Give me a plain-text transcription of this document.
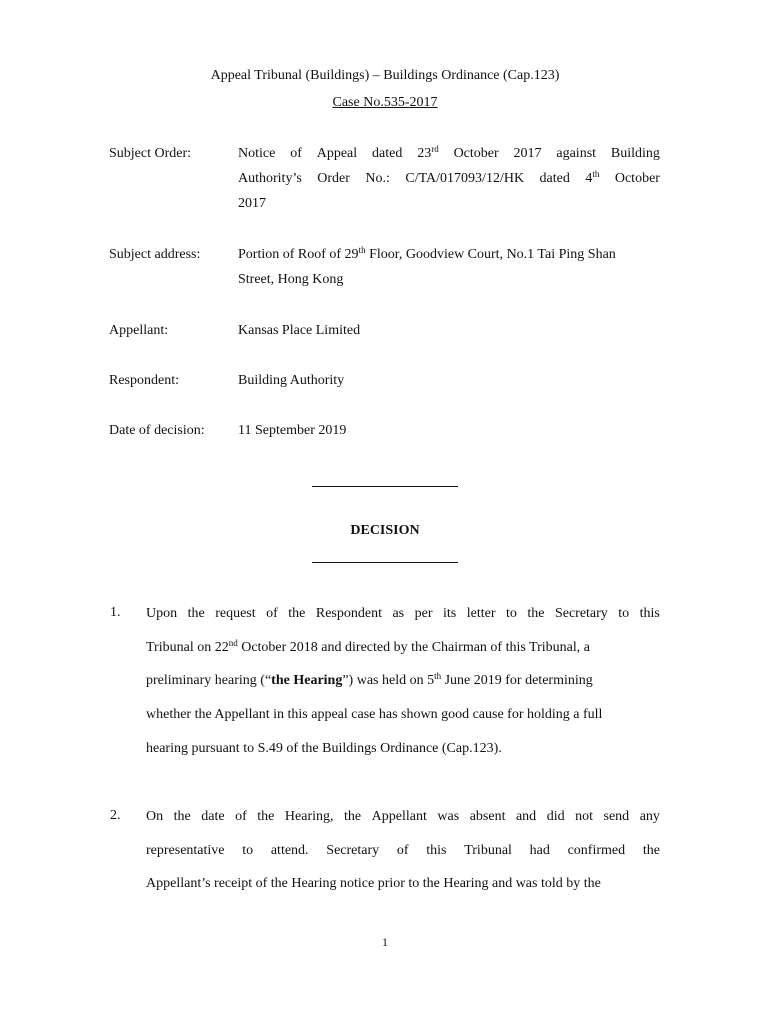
Appeal Tribunal (Buildings) – Buildings Ordinance (Cap.123)
Case No.535-2017
Subject Order:	Notice of Appeal dated 23rd October 2017 against Building
Authority’s Order No.: C/TA/017093/12/HK dated 4th October
2017
Subject address:	Portion of Roof of 29th Floor, Goodview Court, No.1 Tai Ping Shan
Street, Hong Kong
Appellant:	Kansas Place Limited
Respondent:	Building Authority
Date of decision: 11 September 2019
DECISION
1. Upon the request of the Respondent as per its letter to the Secretary to this
Tribunal on 22nd October 2018 and directed by the Chairman of this Tribunal, a
preliminary hearing (“the Hearing”) was held on 5th June 2019 for determining
whether the Appellant in this appeal case has shown good cause for holding a full
hearing pursuant to S.49 of the Buildings Ordinance (Cap.123).
2. On the date of the Hearing, the Appellant was absent and did not send any
representative to attend. Secretary of this Tribunal had confirmed the
Appellant’s receipt of the Hearing notice prior to the Hearing and was told by the
1
